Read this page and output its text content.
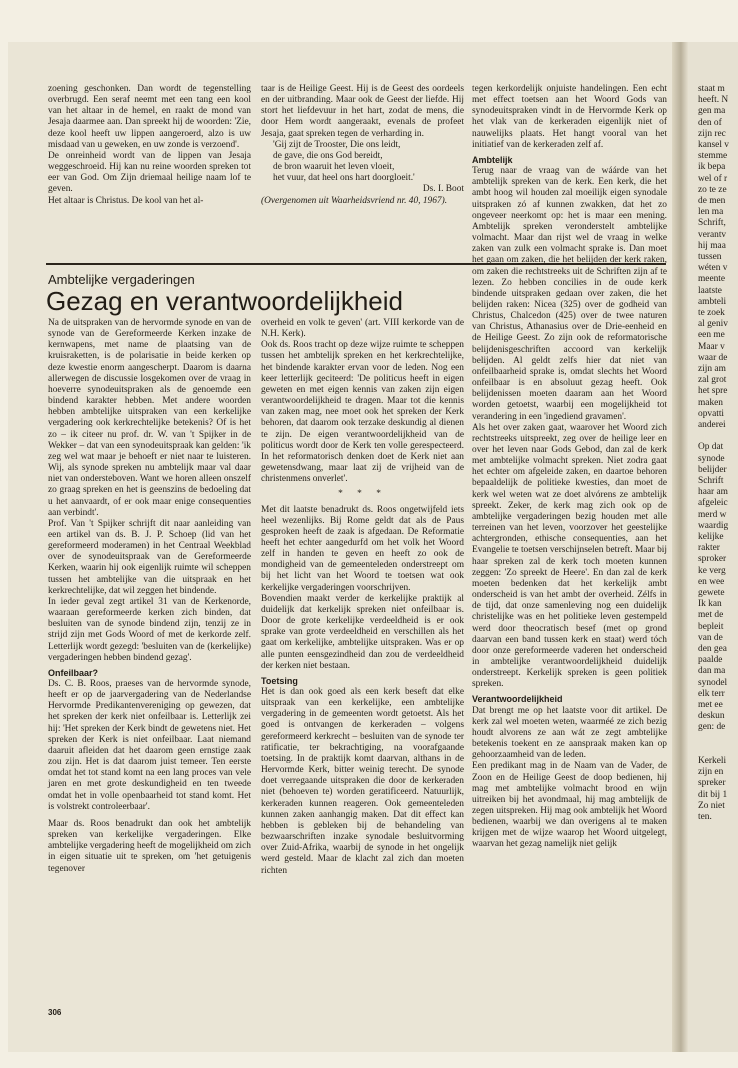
zoening geschonken. Dan wordt de tegenstelling overbrugd. Een seraf neemt met een tang een kool van het altaar in de hemel, en raakt de mond van Jesaja daarmee aan. Dan spreekt hij de woorden: 'Zie, deze kool heeft uw lippen aangeroerd, alzo is uw misdaad van u geweken, en uw zonde is verzoend'.

De onreinheid wordt van de lippen van Jesaja weggeschroeid. Hij kan nu reine woorden spreken tot eer van God. Om Zijn driemaal heilige naam lof te geven.

Het altaar is Christus. De kool van het al-

taar is de Heilige Geest. Hij is de Geest des oordeels en der uitbranding. Maar ook de Geest der liefde. Hij stort het liefdevuur in het hart, zodat de mens, die door Hem wordt aangeraakt, evenals de profeet Jesaja, gaat spreken tegen de verharding in.

'Gij zijt de Trooster, Die ons leidt,
de gave, die ons God bereidt,
de bron waaruit het leven vloeit,
het vuur, dat heel ons hart doorgloeit.'
Ds. I. Boot
(Overgenomen uit Waarheidsvriend nr. 40, 1967).
Ambtelijke vergaderingen
Gezag en verantwoordelijkheid

Na de uitspraken van de hervormde synode en van de synode van de Gereformeerde Kerken inzake de kernwapens, met name de plaatsing van de kruisraketten, is de polarisatie in beide kerken op deze kwestie enorm aangescherpt. Daarom is daarna allerwegen de discussie losgekomen over de vraag in hoeverre synodeuitspraken als de genoemde een bindend karakter hebben. Met andere woorden hebben ambtelijke uitspraken van een kerkelijke vergadering ook kerkrechtelijke betekenis? Of is het zo – ik citeer nu prof. dr. W. van 't Spijker in de Wekker – dat van een synodeuitspraak kan gelden: 'ik zeg wel wat maar je behoeft er niet naar te luisteren. Wij, als synode spreken nu ambtelijk maar val daar niet van ondersteboven. Want we horen alleen onszelf zo graag spreken en het is geenszins de bedoeling dat u het aanvaardt, of er ook maar enige consequenties aan verbindt'.

Prof. Van 't Spijker schrijft dit naar aanleiding van een artikel van ds. B. J. P. Schoep (lid van het gereformeerd moderamen) in het Centraal Weekblad over de synodeuitspraak van de Gereformeerde Kerken, waarin hij ook eigenlijk ruimte wil scheppen tussen het ambtelijke van die uitspraak en het kerkrechtelijke, dat wil zeggen het bindende.

In ieder geval zegt artikel 31 van de Kerkenorde, waaraan gereformeerde kerken zich binden, dat besluiten van de synode bindend zijn, tenzij ze in strijd zijn met Gods Woord of met de kerkorde zelf. Letterlijk wordt gezegd: 'besluiten van de (kerkelijke) vergaderingen hebben bindend gezag'.

Onfeilbaar?

Ds. C. B. Roos, praeses van de hervormde synode, heeft er op de jaarvergadering van de Nederlandse Hervormde Predikantenvereniging op gewezen, dat het spreken der kerk niet onfeilbaar is. Letterlijk zei hij: 'Het spreken der Kerk bindt de gewetens niet. Het spreken der Kerk is niet onfeilbaar. Laat niemand daaruit afleiden dat het daarom geen ernstige zaak zou zijn. Het is dat daarom juist temeer. Ten eerste omdat het tot stand komt na een lang proces van vele jaren en met grote deskundigheid en ten tweede omdat het in volle openbaarheid tot stand komt. Het is volstrekt controleerbaar'.

Maar ds. Roos benadrukt dan ook het ambtelijk spreken van kerkelijke vergaderingen. Elke ambtelijke vergadering heeft de mogelijkheid om zich in eigen situatie uit te spreken, om 'het getuigenis tegenover

overheid en volk te geven' (art. VIII kerkorde van de N.H. Kerk).

Ook ds. Roos tracht op deze wijze ruimte te scheppen tussen het ambtelijk spreken en het kerkrechtelijke, het bindende karakter ervan voor de leden. Nog een keer letterlijk geciteerd: 'De politicus heeft in eigen geweten en met eigen kennis van zaken zijn eigen verantwoordelijkheid te dragen. Maar tot die kennis van zaken mag, nee moet ook het spreken der Kerk behoren, dat daarom ook terzake deskundig al dienen te zijn. De eigen verantwoordelijkheid van de politicus wordt door de Kerk ten volle gerespecteerd. In het reformatorisch denken doet de Kerk niet aan gewetensdwang, maar laat zij de vrijheid van de christenmens onverlet'.

* * *

Met dit laatste benadrukt ds. Roos ongetwijfeld iets heel wezenlijks. Bij Rome geldt dat als de Paus gesproken heeft de zaak is afgedaan. De Reformatie heeft het echter aangedurfd om het volk het Woord zelf in handen te geven en heeft zo ook de mondigheid van de gemeenteleden onderstreept om bij het licht van het Woord te toetsen wat ook kerkelijke vergaderingen voorschrijven.

Bovendien maakt verder de kerkelijke praktijk al duidelijk dat kerkelijk spreken niet onfeilbaar is. Door de grote kerkelijke verdeeldheid is er ook sprake van grote verdeeldheid en verschillen als het gaat om kerkelijke, ambtelijke uitspraken. Was er op alle punten eensgezindheid dan zou de verdeeldheid der kerken niet bestaan.

Toetsing

Het is dan ook goed als een kerk beseft dat elke uitspraak van een kerkelijke, een ambtelijke vergadering in de gemeenten wordt getoetst. Als het goed is ontvangen de kerkeraden – volgens gereformeerd kerkrecht – besluiten van de synode ter ratificatie, ter bekrachtiging, na voorafgaande toetsing. In de praktijk komt daarvan, althans in de Hervormde Kerk, bitter weinig terecht. De synode doet verregaande uitspraken die door de kerkeraden niet (behoeven te) worden geratificeerd. Natuurlijk, kerkeraden kunnen reageren. Ook gemeenteleden kunnen zaken aanhangig maken. Dat dit effect kan hebben is gebleken bij de behandeling van bezwaarschriften inzake synodale besluitvorming over Zuid-Afrika, waarbij de synode in het ongelijk werd gesteld. Maar de klacht zal zich dan moeten richten

tegen kerkordelijk onjuiste handelingen. Een echt met effect toetsen aan het Woord Gods van synodeuitspraken vindt in de Hervormde Kerk op het vlak van de kerkeraden eigenlijk niet of nauwelijks plaats. Het hangt vooral van het initiatief van de kerkeraden zelf af.

Ambtelijk

Terug naar de vraag van de wáárde van het ambtelijk spreken van de kerk. Een kerk, die het ambt hoog wil houden zal moeilijk eigen synodale uitspraken zó af kunnen zwakken, dat het zo ongeveer neerkomt op: het is maar een mening. Ambtelijk spreken veronderstelt ambtelijke volmacht. Maar dan rijst wel de vraag in welke zaken van zulk een volmacht sprake is. Dan moet het gaan om zaken, die het belijden der kerk raken, om zaken die rechtstreeks uit de Schriften zijn af te lezen. Zo hebben concilies in de oude kerk bindende uitspraken gedaan over zaken, die het belijden raken: Nicea (325) over de godheid van Christus, Chalcedon (425) over de twee naturen van Christus, Athanasius over de Drie-eenheid en de Heilige Geest. Zo zijn ook de reformatorische belijdenisgeschriften accoord van kerkelijk belijden. Al geldt zelfs hier dat niet van onfeilbaarheid sprake is, omdat slechts het Woord onfeilbaar is en absoluut gezag heeft. Ook belijdenissen moeten daaram aan het Woord worden getoetst, waarbij een mogelijkheid tot verandering in een 'ingediend gravamen'.

Als het over zaken gaat, waarover het Woord zich rechtstreeks uitspreekt, zeg over de heilige leer en over het leven naar Gods Gebod, dan zal de kerk met ambtelijke volmacht spreken. Niet zodra gaat het echter om afgeleide zaken, en daartoe behoren bepaaldelijk de politieke kwesties, dan moet de kerk wel weten wat ze doet alvórens ze ambtelijk spreekt. Zeker, de kerk mag zich ook op de ambtelijke vergaderingen bezig houden met alle terreinen van het leven, voorzover het geestelijke achtergronden, ethische consequenties, aan het Evangelie te toetsen verschijnselen betreft. Maar bij haar spreken zal de kerk toch moeten kunnen zeggen: 'Zo spreekt de Heere'. En dan zal de kerk moeten bedenken dat het kerkelijk ambt onderscheid is van het ambt der overheid. Zélfs in de tijd, dat onze samenleving nog een duidelijk christelijke was en het politieke leven gestempeld werd door theocratisch besef (met op grond daarvan een band tussen kerk en staat) werd tóch door onze gereformeerde vaderen het onderscheid in ambtelijke verantwoordelijkheid duidelijk onderstreept. Kerkelijk spreken is geen politiek spreken.

Verantwoordelijkheid

Dat brengt me op het laatste voor dit artikel. De kerk zal wel moeten weten, waarméé ze zich bezig houdt alvorens ze aan wát ze zegt ambtelijke betekenis toekent en ze aanspraak maken kan op gehoorzaamheid van de leden.

Een predikant mag in de Naam van de Vader, de Zoon en de Heilige Geest de doop bedienen, hij mag met ambtelijke volmacht brood en wijn uitreiken bij het avondmaal, hij mag ambtelijk de zegen uitspreken. Hij mag ook ambtelijk het Woord bedienen, waarbij we dan overigens al te maken krijgen met de wijze waarop het Woord uitgelegt, waarvan het gezag namelijk niet gelijk

306
staat m
heeft. N
gen ma
den of
zijn rec
kansel v
stemme
ik bepa
wel of r
zo te ze
de men
len ma
Schrift,
verantv
hij maa
tussen
wéten v
meente
laatste
ambteli
te zoek
al geniv
een me
Maar v
waar de
zijn am
zal grot
het spre
maken
opvatti
anderei
Op dat
synode
belijder
Schrift
haar am
afgeleic
merd w
waardig
kelijke
rakter
sproker
ke verg
en wee
gewete
Ik kan
met de
bepleit
van de
den gea
paalde
dan ma
synodel
elk terr
met ee
deskun
gen: de
Kerkeli
zijn en
spreker
dit bij 1
Zo niet
ten.
